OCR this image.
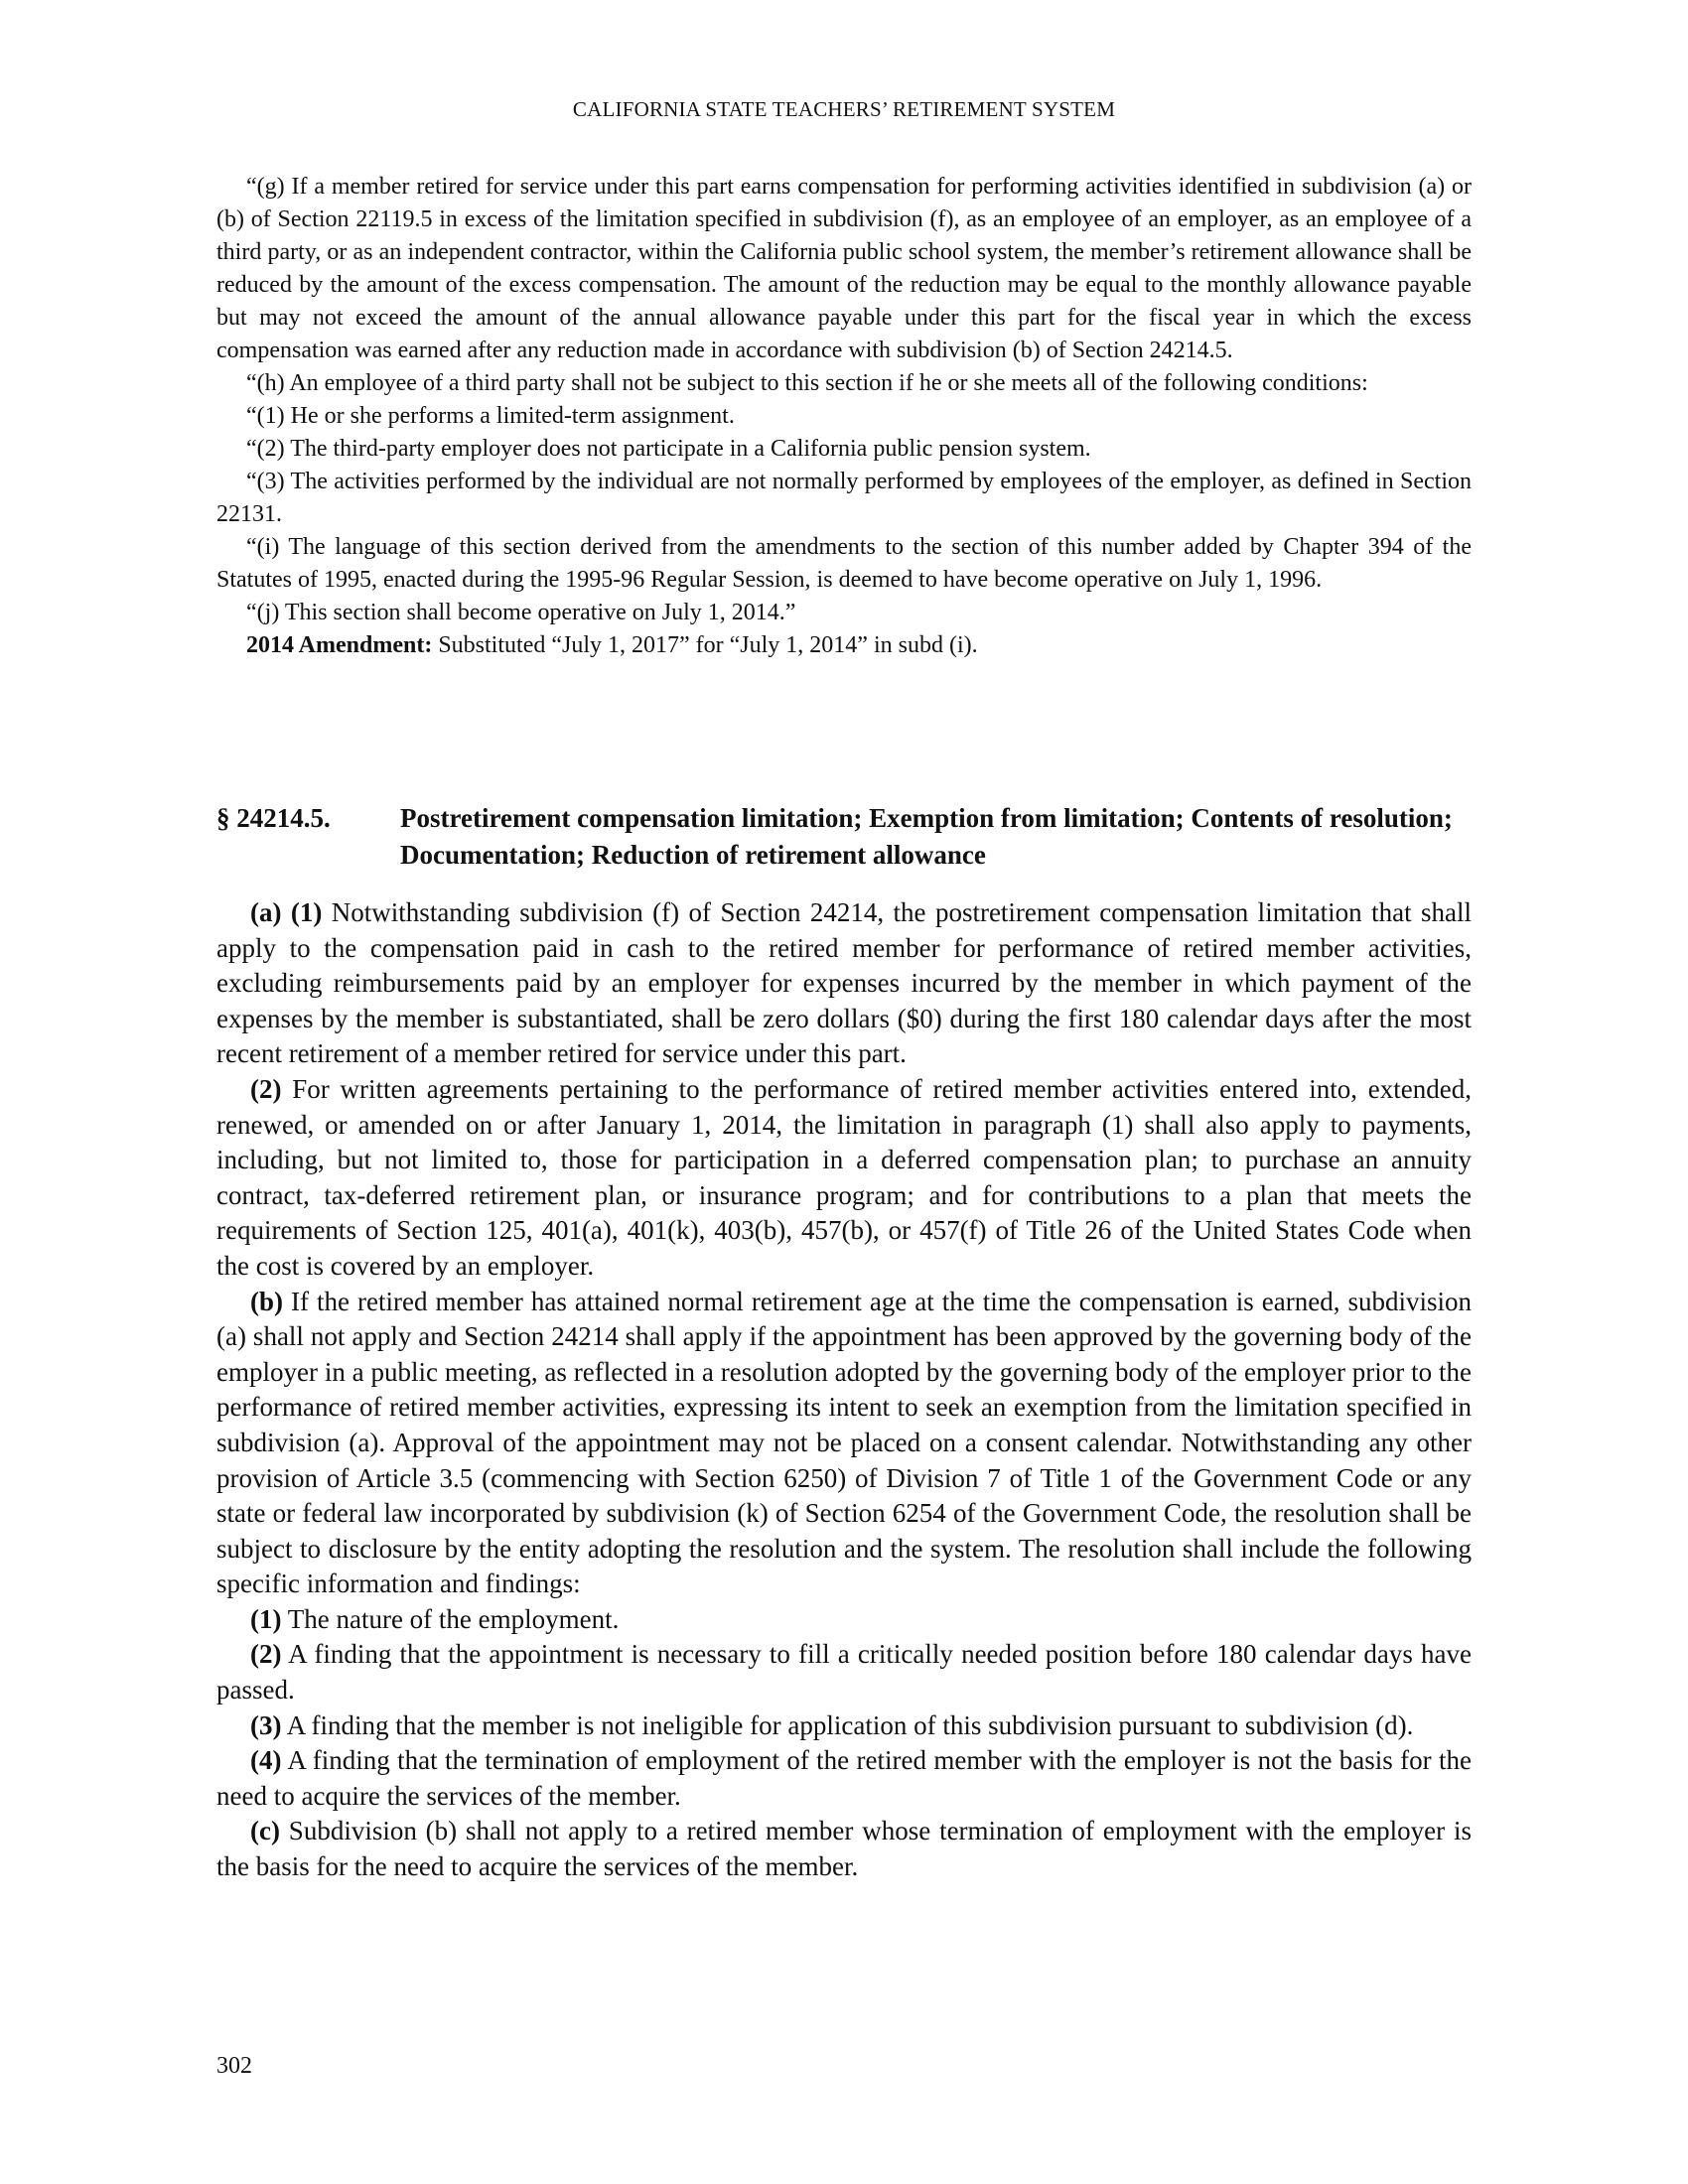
CALIFORNIA STATE TEACHERS’ RETIREMENT SYSTEM

“(g) If a member retired for service under this part earns compensation for performing activities identified in subdivision (a) or (b) of Section 22119.5 in excess of the limitation specified in subdivision (f), as an employee of an employer, as an employee of a third party, or as an independent contractor, within the California public school system, the member’s retirement allowance shall be reduced by the amount of the excess compensation. The amount of the reduction may be equal to the monthly allowance payable but may not exceed the amount of the annual allowance payable under this part for the fiscal year in which the excess compensation was earned after any reduction made in accordance with subdivision (b) of Section 24214.5.

“(h) An employee of a third party shall not be subject to this section if he or she meets all of the following conditions:

“(1) He or she performs a limited-term assignment.

“(2) The third-party employer does not participate in a California public pension system.

“(3) The activities performed by the individual are not normally performed by employees of the employer, as defined in Section 22131.

“(i) The language of this section derived from the amendments to the section of this number added by Chapter 394 of the Statutes of 1995, enacted during the 1995-96 Regular Session, is deemed to have become operative on July 1, 1996.

“(j) This section shall become operative on July 1, 2014.”

2014 Amendment: Substituted “July 1, 2017” for “July 1, 2014” in subd (i).

§ 24214.5.	Postretirement compensation limitation; Exemption from limitation; Contents of resolution; Documentation; Reduction of retirement allowance

(a) (1) Notwithstanding subdivision (f) of Section 24214, the postretirement compensation limitation that shall apply to the compensation paid in cash to the retired member for performance of retired member activities, excluding reimbursements paid by an employer for expenses incurred by the member in which payment of the expenses by the member is substantiated, shall be zero dollars ($0) during the first 180 calendar days after the most recent retirement of a member retired for service under this part.

(2) For written agreements pertaining to the performance of retired member activities entered into, extended, renewed, or amended on or after January 1, 2014, the limitation in paragraph (1) shall also apply to payments, including, but not limited to, those for participation in a deferred compensation plan; to purchase an annuity contract, tax-deferred retirement plan, or insurance program; and for contributions to a plan that meets the requirements of Section 125, 401(a), 401(k), 403(b), 457(b), or 457(f) of Title 26 of the United States Code when the cost is covered by an employer.

(b) If the retired member has attained normal retirement age at the time the compensation is earned, subdivision (a) shall not apply and Section 24214 shall apply if the appointment has been approved by the governing body of the employer in a public meeting, as reflected in a resolution adopted by the governing body of the employer prior to the performance of retired member activities, expressing its intent to seek an exemption from the limitation specified in subdivision (a). Approval of the appointment may not be placed on a consent calendar. Notwithstanding any other provision of Article 3.5 (commencing with Section 6250) of Division 7 of Title 1 of the Government Code or any state or federal law incorporated by subdivision (k) of Section 6254 of the Government Code, the resolution shall be subject to disclosure by the entity adopting the resolution and the system. The resolution shall include the following specific information and findings:

(1) The nature of the employment.

(2) A finding that the appointment is necessary to fill a critically needed position before 180 calendar days have passed.

(3) A finding that the member is not ineligible for application of this subdivision pursuant to subdivision (d).

(4) A finding that the termination of employment of the retired member with the employer is not the basis for the need to acquire the services of the member.

(c) Subdivision (b) shall not apply to a retired member whose termination of employment with the employer is the basis for the need to acquire the services of the member.

302
